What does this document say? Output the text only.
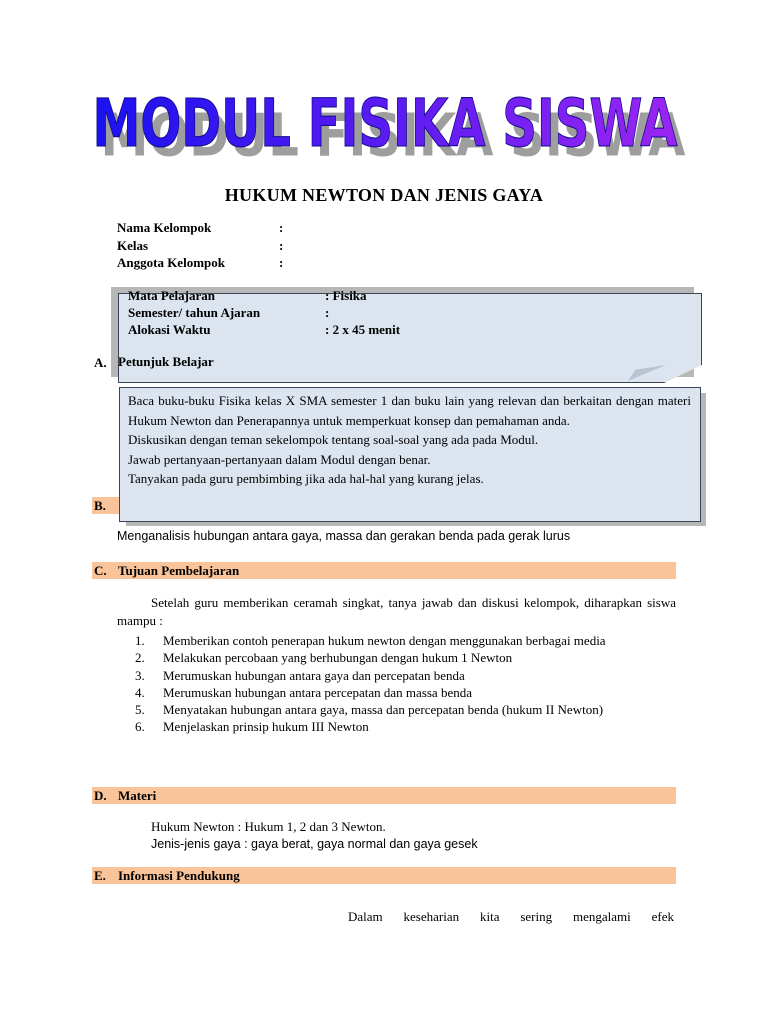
MODUL FISIKA SISWA
MODUL FISIKA SISWA
HUKUM NEWTON DAN JENIS GAYA
Nama Kelompok	:
Kelas	:
Anggota Kelompok	:
A. Petunjuk Belajar
Mata Pelajaran	: Fisika
Semester/ tahun Ajaran	:
Alokasi Waktu	: 2 x 45 menit
B.

Baca buku-buku Fisika kelas X SMA semester 1 dan buku lain yang relevan dan berkaitan dengan materi Hukum Newton dan Penerapannya untuk memperkuat konsep dan pemahaman anda.

Diskusikan dengan teman sekelompok tentang soal-soal yang ada pada Modul.

Jawab pertanyaan-pertanyaan dalam Modul dengan benar.

Tanyakan pada guru pembimbing jika ada hal-hal yang kurang jelas.

Menganalisis hubungan antara gaya, massa dan gerakan benda pada gerak lurus
C. Tujuan Pembelajaran
Setelah guru memberikan ceramah singkat, tanya jawab dan diskusi kelompok, diharapkan siswa mampu :
1.	Memberikan contoh penerapan hukum newton dengan menggunakan berbagai media
2.	Melakukan percobaan yang berhubungan dengan hukum 1 Newton
3.	Merumuskan hubungan antara gaya dan percepatan benda
4.	Merumuskan hubungan antara percepatan dan massa benda
5.	Menyatakan hubungan antara gaya, massa dan percepatan benda (hukum II Newton)
6.	Menjelaskan prinsip hukum III Newton
D. Materi
Hukum Newton : Hukum 1, 2 dan 3 Newton.
Jenis-jenis gaya : gaya berat, gaya normal dan gaya gesek
E. Informasi Pendukung
Dalam keseharian kita sering mengalami efek
